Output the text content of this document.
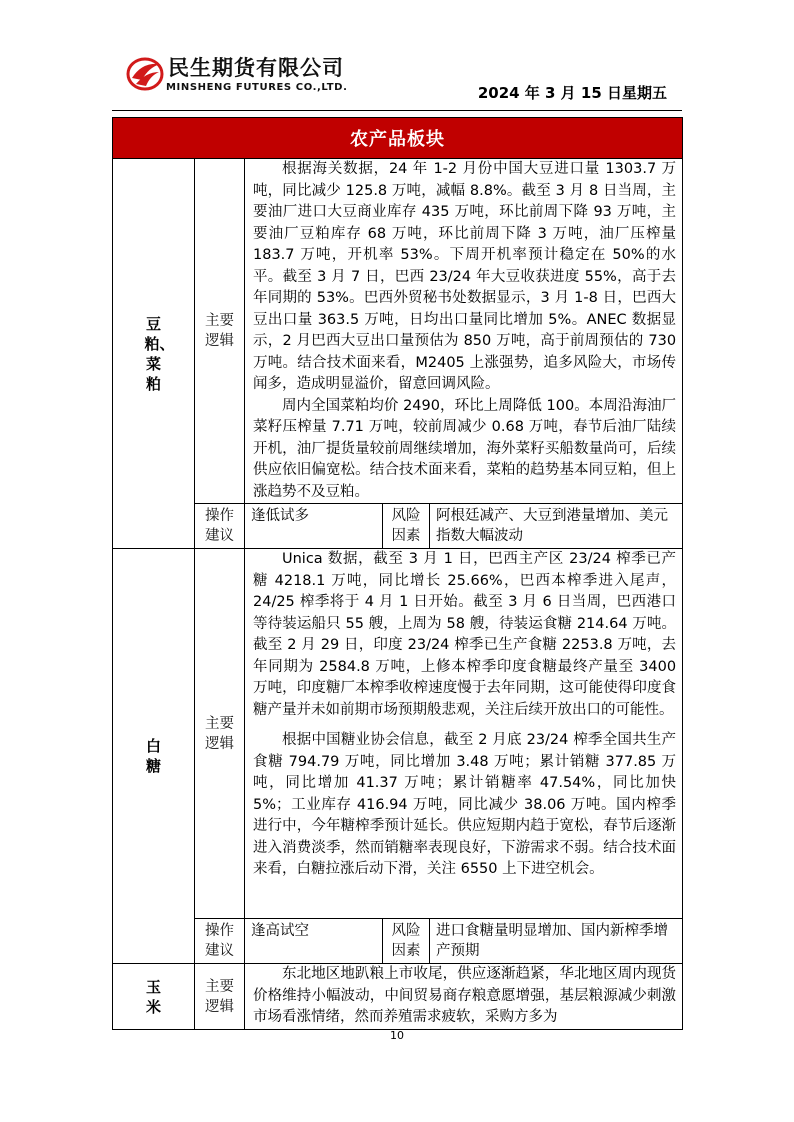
民生期货有限公司
MINSHENG FUTURES CO.,LTD.	2024 年 3 月 15 日星期五
农产品板块				
豆粕、菜粕	主要逻辑	根据海关数据，24 年 1-2 月份中国大豆进口量 1303.7 万吨，同比减少 125.8 万吨，减幅 8.8%。截至 3 月 8 日当周，主要油厂进口大豆商业库存 435 万吨，环比前周下降 93 万吨，主要油厂豆粕库存 68 万吨，环比前周下降 3 万吨，油厂压榨量 183.7 万吨，开机率 53%。下周开机率预计稳定在 50%的水平。截至 3 月 7 日，巴西 23/24 年大豆收获进度 55%，高于去年同期的 53%。巴西外贸秘书处数据显示，3 月 1-8 日，巴西大豆出口量 363.5 万吨，日均出口量同比增加 5%。ANEC 数据显示，2 月巴西大豆出口量预估为 850 万吨，高于前周预估的 730 万吨。结合技术面来看，M2405 上涨强势，追多风险大，市场传闻多，造成明显溢价，留意回调风险。

周内全国菜粕均价 2490，环比上周降低 100。本周沿海油厂菜籽压榨量 7.71 万吨，较前周减少 0.68 万吨，春节后油厂陆续开机，油厂提货量较前周继续增加，海外菜籽买船数量尚可，后续供应依旧偏宽松。结合技术面来看，菜粕的趋势基本同豆粕，但上涨趋势不及豆粕。		

	操作建议	逢低试多	风险因素	阿根廷减产、大豆到港量增加、美元指数大幅波动
白糖	主要逻辑	Unica 数据，截至 3 月 1 日，巴西主产区 23/24 榨季已产糖 4218.1 万吨，同比增长 25.66%，巴西本榨季进入尾声，24/25 榨季将于 4 月 1 日开始。截至 3 月 6 日当周，巴西港口等待装运船只 55 艘，上周为 58 艘，待装运食糖 214.64 万吨。截至 2 月 29 日，印度 23/24 榨季已生产食糖 2253.8 万吨，去年同期为 2584.8 万吨，上修本榨季印度食糖最终产量至 3400 万吨，印度糖厂本榨季收榨速度慢于去年同期，这可能使得印度食糖产量并未如前期市场预期般悲观，关注后续开放出口的可能性。

根据中国糖业协会信息，截至 2 月底 23/24 榨季全国共生产食糖 794.79 万吨，同比增加 3.48 万吨；累计销糖 377.85 万吨，同比增加 41.37 万吨；累计销糖率 47.54%，同比加快 5%；工业库存 416.94 万吨，同比减少 38.06 万吨。国内榨季进行中，今年糖榨季预计延长。供应短期内趋于宽松，春节后逐渐进入消费淡季，然而销糖率表现良好，下游需求不弱。结合技术面来看，白糖拉涨后动下滑，关注 6550 上下进空机会。		

	操作建议	逢高试空	风险因素	进口食糖量明显增加、国内新榨季增产预期
玉米	主要逻辑	东北地区地趴粮上市收尾，供应逐渐趋紧，华北地区周内现货价格维持小幅波动，中间贸易商存粮意愿增强，基层粮源减少刺激市场看涨情绪，然而养殖需求疲软，采购方多为		

10
